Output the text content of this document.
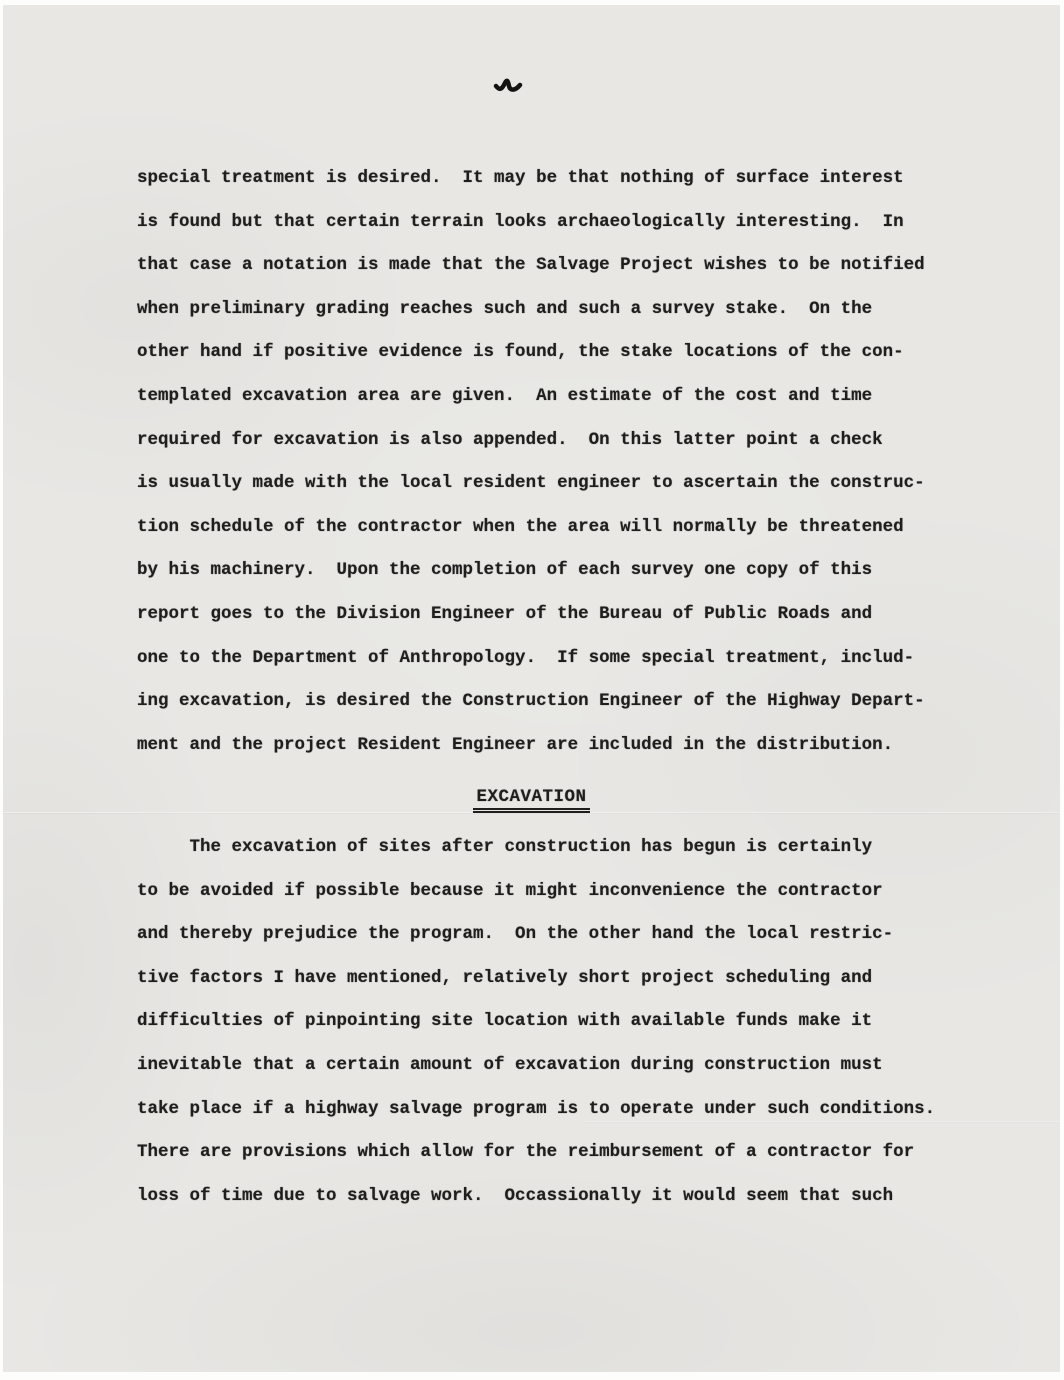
special treatment is desired.  It may be that nothing of surface interest
is found but that certain terrain looks archaeologically interesting.  In
that case a notation is made that the Salvage Project wishes to be notified
when preliminary grading reaches such and such a survey stake.  On the
other hand if positive evidence is found, the stake locations of the con-
templated excavation area are given.  An estimate of the cost and time
required for excavation is also appended.  On this latter point a check
is usually made with the local resident engineer to ascertain the construc-
tion schedule of the contractor when the area will normally be threatened
by his machinery.  Upon the completion of each survey one copy of this
report goes to the Division Engineer of the Bureau of Public Roads and
one to the Department of Anthropology.  If some special treatment, includ-
ing excavation, is desired the Construction Engineer of the Highway Depart-
ment and the project Resident Engineer are included in the distribution.
EXCAVATION
The excavation of sites after construction has begun is certainly
to be avoided if possible because it might inconvenience the contractor
and thereby prejudice the program.  On the other hand the local restric-
tive factors I have mentioned, relatively short project scheduling and
difficulties of pinpointing site location with available funds make it
inevitable that a certain amount of excavation during construction must
take place if a highway salvage program is to operate under such conditions.
There are provisions which allow for the reimbursement of a contractor for
loss of time due to salvage work.  Occassionally it would seem that such
